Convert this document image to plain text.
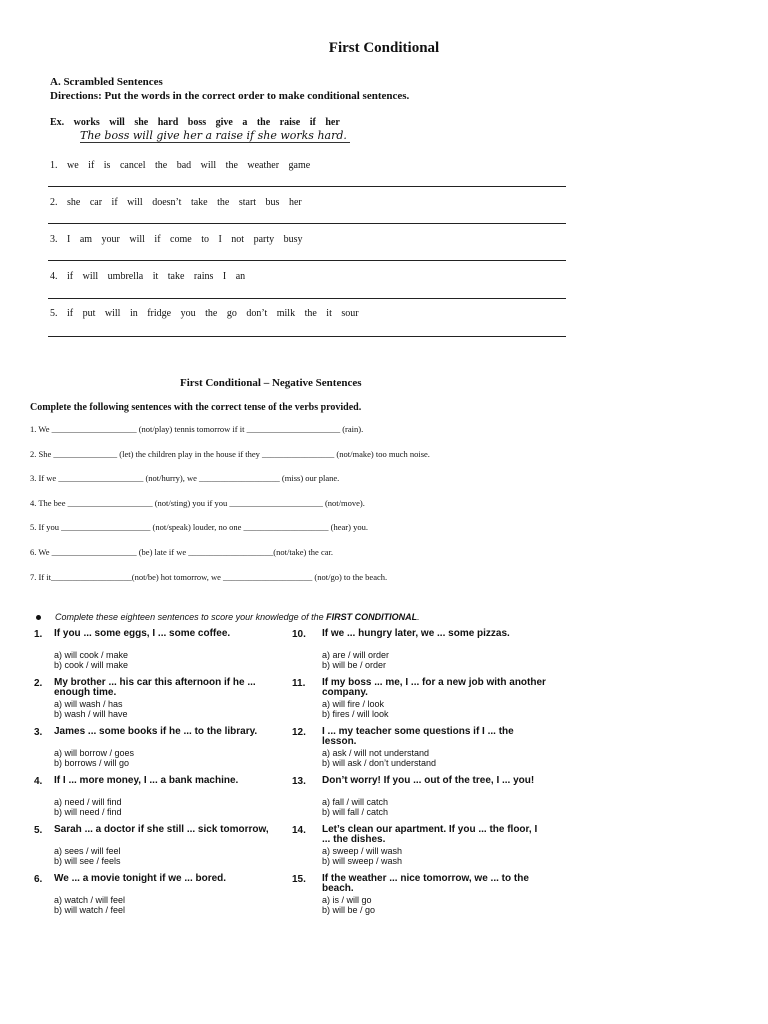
First Conditional
A. Scrambled Sentences
Directions: Put the words in the correct order to make conditional sentences.
Ex. works will she hard boss give a the raise if her
The boss will give her a raise if she works hard.
1. we if is cancel the bad will the weather game
2. she car if will doesn’t take the start bus her
3. I am your will if come to I not party busy
4. if will umbrella it take rains I an
5. if put will in fridge you the go don’t milk the it sour
First Conditional – Negative Sentences
Complete the following sentences with the correct tense of the verbs provided.
1. We ____________________ (not/play) tennis tomorrow if it ______________________ (rain).
2. She _______________ (let) the children play in the house if they _________________ (not/make) too much noise.
3. If we ____________________ (not/hurry), we ___________________ (miss) our plane.
4. The bee ____________________ (not/sting) you if you ______________________ (not/move).
5. If you _____________________ (not/speak) louder, no one ____________________ (hear) you.
6. We ____________________ (be) late if we ____________________(not/take) the car.
7. If it___________________(not/be) hot tomorrow, we _____________________ (not/go) to the beach.
Complete these eighteen sentences to score your knowledge of the FIRST CONDITIONAL.
1.	If you ... some eggs, I ... some coffee.
a) will cook / make
b) cook / will make
2.	My brother ... his car this afternoon if he ... enough time.
a) will wash / has
b) wash / will have
3.	James ... some books if he ... to the library.
a) will borrow / goes
b) borrows / will go
4.	If I ... more money, I ... a bank machine.
a) need / will find
b) will need / find
5.	Sarah ... a doctor if she still ... sick tomorrow,
a) sees / will feel
b) will see / feels
6.	We ... a movie tonight if we ... bored.
a) watch / will feel
b) will watch / feel
10.	If we ... hungry later, we ... some pizzas.
a) are / will order
b) will be / order
11.	If my boss ... me, I ... for a new job with another company.
a) will fire / look
b) fires / will look
12.	I ... my teacher some questions if I ... the lesson.
a) ask / will not understand
b) will ask / don’t understand
13.	Don’t worry! If you ... out of the tree, I ... you!
a) fall / will catch
b) will fall / catch
14.	Let’s clean our apartment. If you ... the floor, I ... the dishes.
a) sweep / will wash
b) will sweep / wash
15.	If the weather ... nice tomorrow, we ... to the beach.
a) is / will go
b) will be / go
